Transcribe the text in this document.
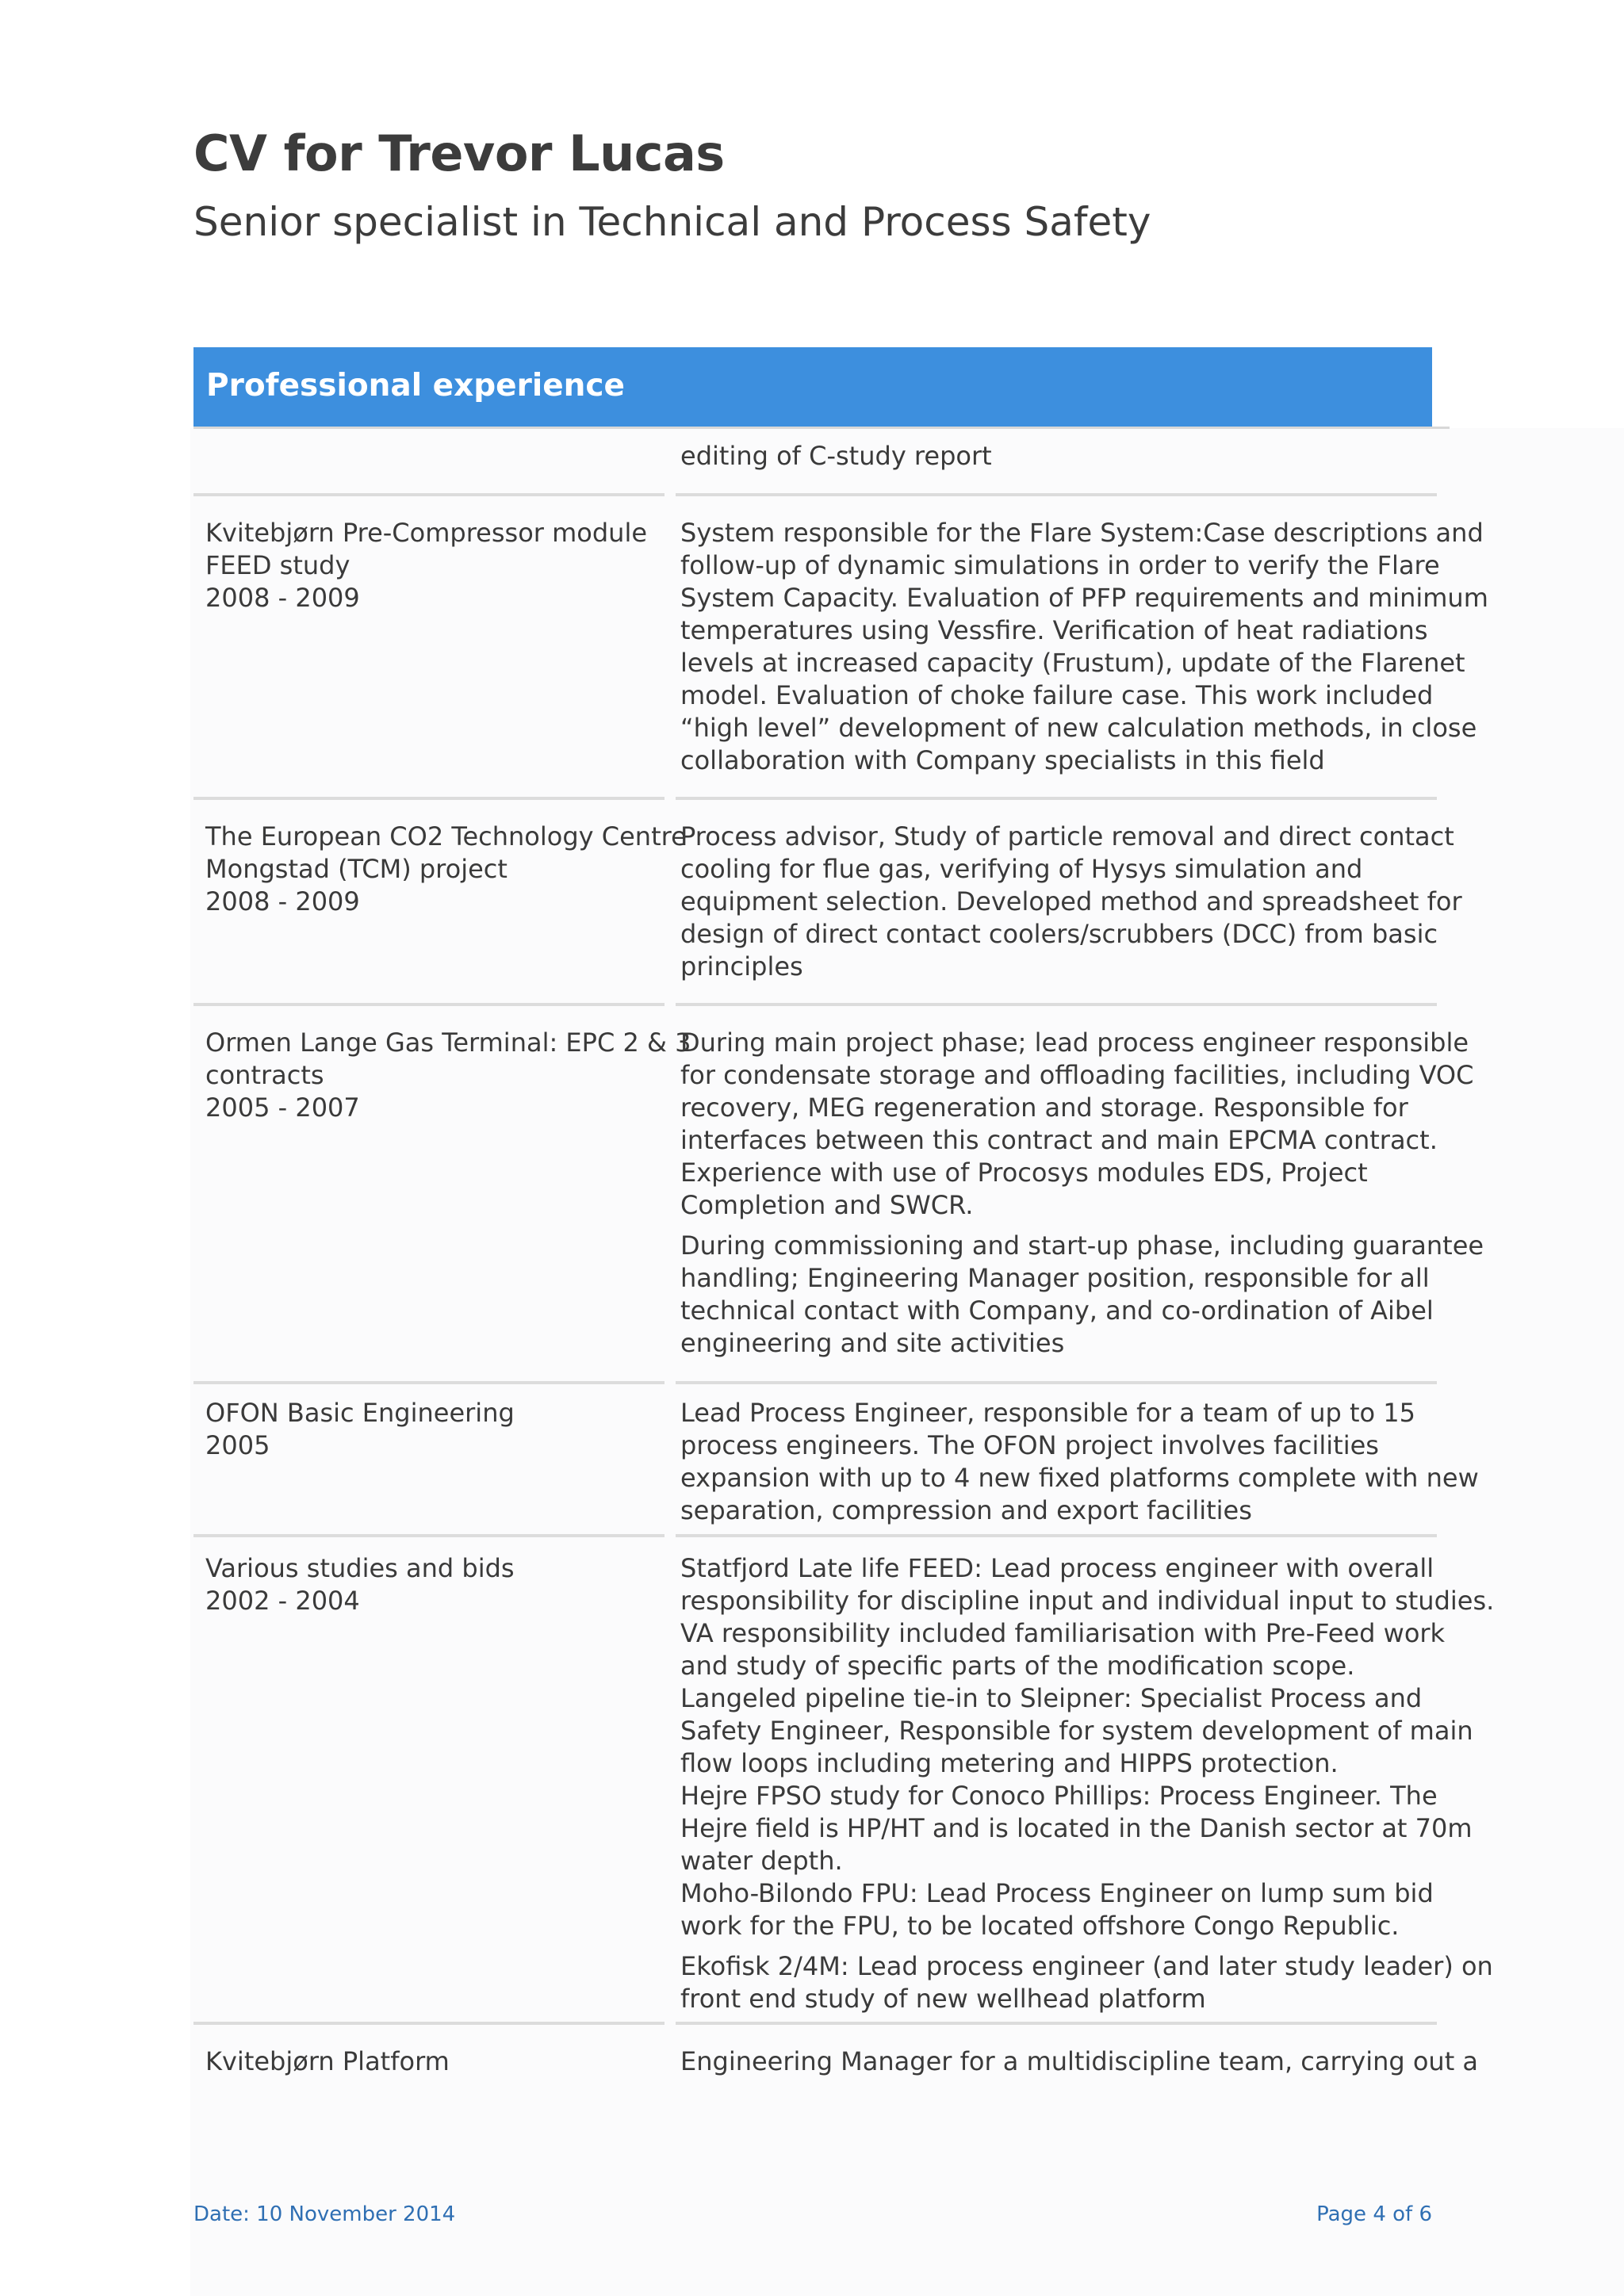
CV for Trevor Lucas
Senior specialist in Technical and Process Safety
Professional experience
editing of C-study report
Kvitebjørn Pre-Compressor module
FEED study
2008 - 2009
System responsible for the Flare System:Case descriptions and
follow-up of dynamic simulations in order to verify the Flare
System Capacity. Evaluation of PFP requirements and minimum
temperatures using Vessfire. Verification of heat radiations
levels at increased capacity (Frustum), update of the Flarenet
model. Evaluation of choke failure case. This work included
“high level” development of new calculation methods, in close
collaboration with Company specialists in this field
The European CO2 Technology Centre
Mongstad (TCM) project
2008 - 2009
Process advisor, Study of particle removal and direct contact
cooling for flue gas, verifying of Hysys simulation and
equipment selection. Developed method and spreadsheet for
design of direct contact coolers/scrubbers (DCC) from basic
principles
Ormen Lange Gas Terminal: EPC 2 & 3
contracts
2005 - 2007
During main project phase; lead process engineer responsible
for condensate storage and offloading facilities, including VOC
recovery, MEG regeneration and storage. Responsible for
interfaces between this contract and main EPCMA contract.
Experience with use of Procosys modules EDS, Project
Completion and SWCR.
During commissioning and start-up phase, including guarantee
handling; Engineering Manager position, responsible for all
technical contact with Company, and co-ordination of Aibel
engineering and site activities
OFON Basic Engineering
2005
Lead Process Engineer, responsible for a team of up to 15
process engineers. The OFON project involves facilities
expansion with up to 4 new fixed platforms complete with new
separation, compression and export facilities
Various studies and bids
2002 - 2004
Statfjord Late life FEED: Lead process engineer with overall
responsibility for discipline input and individual input to studies.
VA responsibility included familiarisation with Pre-Feed work
and study of specific parts of the modification scope.
Langeled pipeline tie-in to Sleipner: Specialist Process and
Safety Engineer, Responsible for system development of main
flow loops including metering and HIPPS protection.
Hejre FPSO study for Conoco Phillips: Process Engineer. The
Hejre field is HP/HT and is located in the Danish sector at 70m
water depth.
Moho-Bilondo FPU: Lead Process Engineer on lump sum bid
work for the FPU, to be located offshore Congo Republic.
Ekofisk 2/4M: Lead process engineer (and later study leader) on
front end study of new wellhead platform
Kvitebjørn Platform	Engineering Manager for a multidiscipline team, carrying out a
Date: 10 November 2014	Page 4 of 6
